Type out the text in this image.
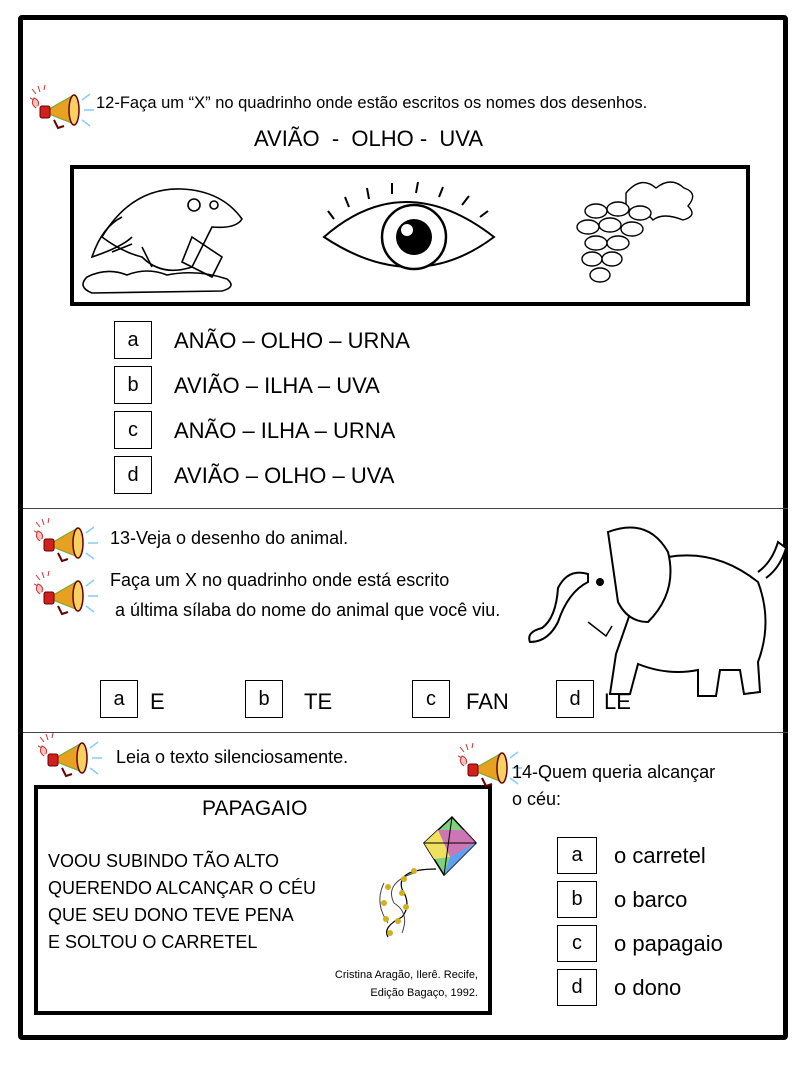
12-Faça um “X” no quadrinho onde estão escritos os nomes dos desenhos.
AVIÃO  -  OLHO -  UVA
a	ANÃO – OLHO – URNA
b	AVIÃO – ILHA – UVA
c	ANÃO – ILHA – URNA
d	AVIÃO – OLHO – UVA
13-Veja o desenho do animal.
Faça um X no quadrinho onde está escrito
a última sílaba do nome do animal que você viu.
a	E	b	TE	c	FAN	d	LE
Leia o texto silenciosamente.
PAPAGAIO
VOOU SUBINDO TÃO ALTO
QUERENDO ALCANÇAR O CÉU
QUE SEU DONO TEVE PENA
E SOLTOU O CARRETEL
Cristina Aragão, Ilerê. Recife,
Edição Bagaço, 1992.
14-Quem queria alcançar
o céu:
a	o carretel
b	o barco
c	o papagaio
d	o dono
